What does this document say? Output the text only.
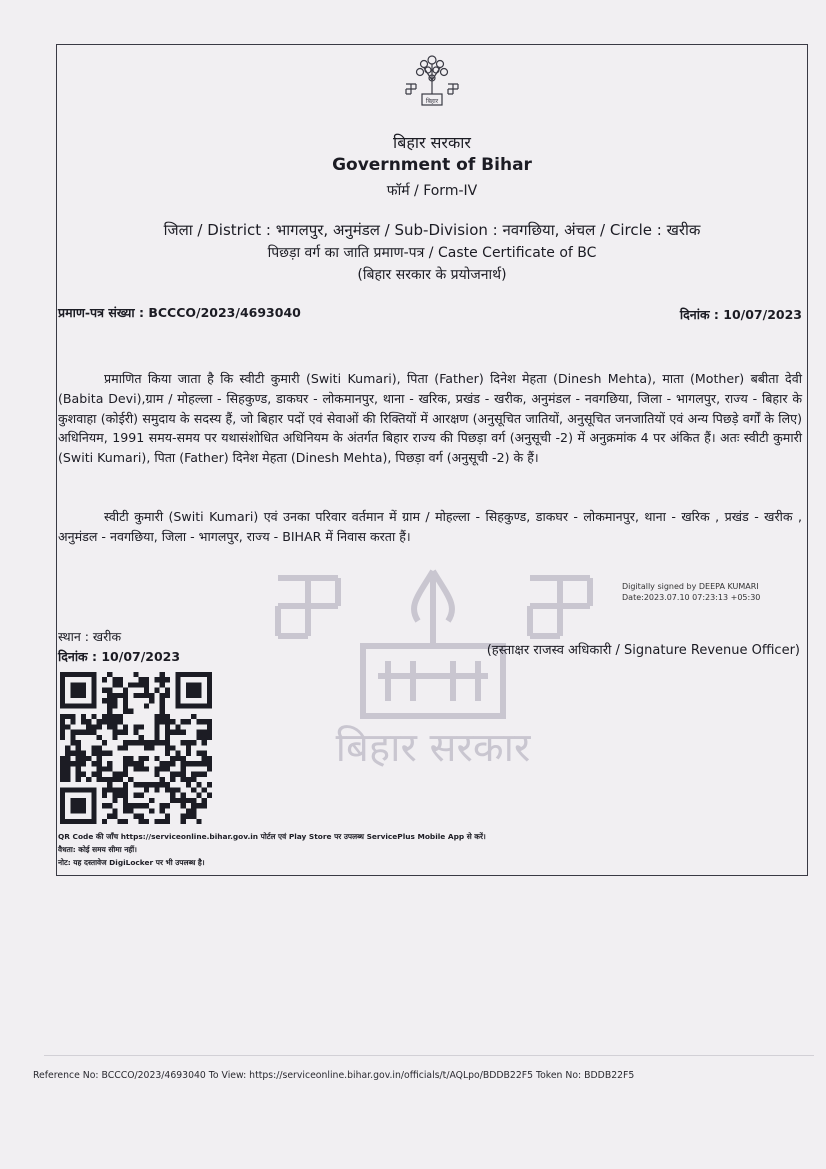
बिहार सरकार
बिहार
बिहार सरकार
Government of Bihar
फॉर्म / Form-IV
जिला / District : भागलपुर, अनुमंडल / Sub-Division : नवगछिया, अंचल / Circle : खरीक
पिछड़ा वर्ग का जाति प्रमाण-पत्र / Caste Certificate of BC
(बिहार सरकार के प्रयोजनार्थ)
प्रमाण-पत्र संख्या : BCCCO/2023/4693040	दिनांक : 10/07/2023

प्रमाणित किया जाता है कि स्वीटी कुमारी (Switi Kumari), पिता (Father) दिनेश मेहता (Dinesh Mehta), माता (Mother) बबीता देवी (Babita Devi),ग्राम / मोहल्ला - सिहकुण्ड, डाकघर - लोकमानपुर, थाना - खरिक, प्रखंड - खरीक, अनुमंडल - नवगछिया, जिला - भागलपुर, राज्य - बिहार के कुशवाहा (कोईरी) समुदाय के सदस्य हैं, जो बिहार पदों एवं सेवाओं की रिक्तियों में आरक्षण (अनुसूचित जातियों, अनुसूचित जनजातियों एवं अन्य पिछड़े वर्गों के लिए) अधिनियम, 1991 समय-समय पर यथासंशोधित अधिनियम के अंतर्गत बिहार राज्य की पिछड़ा वर्ग (अनुसूची -2) में अनुक्रमांक 4 पर अंकित हैं। अतः स्वीटी कुमारी (Switi Kumari), पिता (Father) दिनेश मेहता (Dinesh Mehta), पिछड़ा वर्ग (अनुसूची -2) के हैं।

स्वीटी कुमारी (Switi Kumari) एवं उनका परिवार वर्तमान में ग्राम / मोहल्ला - सिहकुण्ड, डाकघर - लोकमानपुर, थाना - खरिक , प्रखंड - खरीक , अनुमंडल - नवगछिया, जिला - भागलपुर, राज्य - BIHAR में निवास करता हैं।

Digitally signed by DEEPA KUMARI
Date:2023.07.10 07:23:13 +05:30
स्थान : खरीक
दिनांक : 10/07/2023	(हस्ताक्षर राजस्व अधिकारी / Signature Revenue Officer)
QR Code की जाँच https://serviceonline.bihar.gov.in पोर्टल एवं Play Store पर उपलब्ध ServicePlus Mobile App से करें।
वैधता: कोई समय सीमा नहीं।
नोट: यह दस्तावेज DigiLocker पर भी उपलब्ध है।
Reference No: BCCCO/2023/4693040 To View: https://serviceonline.bihar.gov.in/officials/t/AQLpo/BDDB22F5 Token No: BDDB22F5
